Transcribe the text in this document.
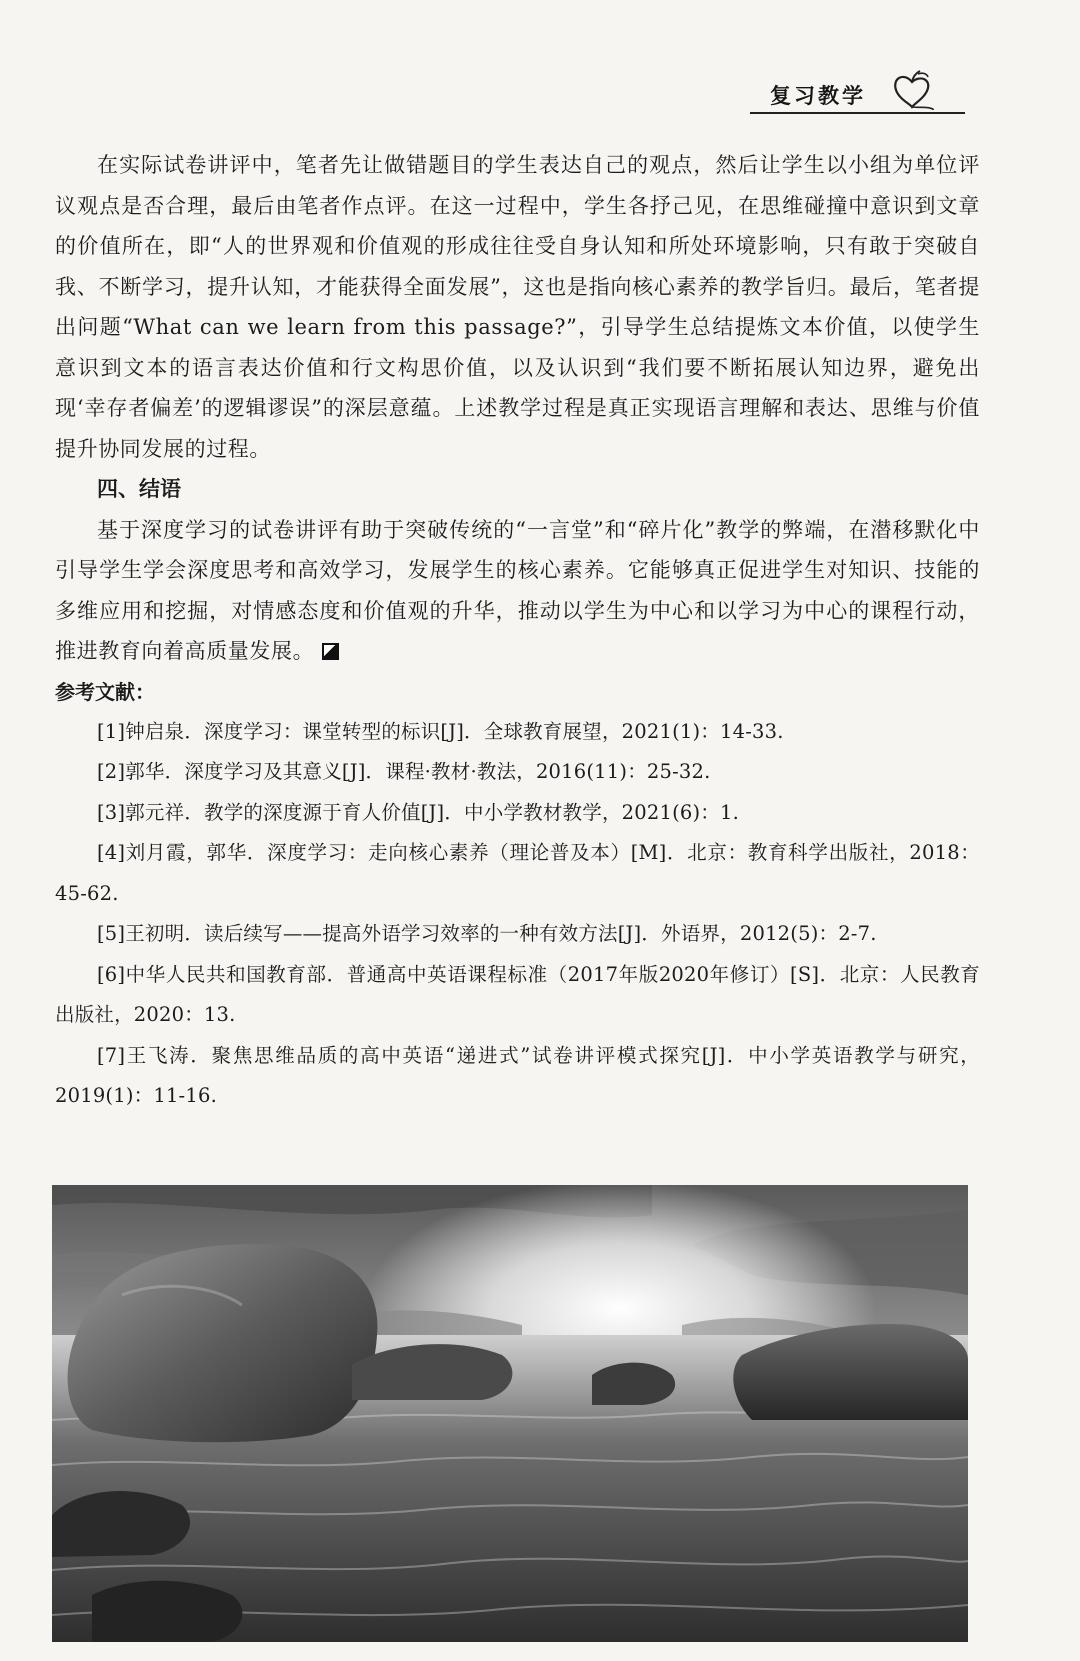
复习教学

在实际试卷讲评中，笔者先让做错题目的学生表达自己的观点，然后让学生以小组为单位评议观点是否合理，最后由笔者作点评。在这一过程中，学生各抒己见，在思维碰撞中意识到文章的价值所在，即“人的世界观和价值观的形成往往受自身认知和所处环境影响，只有敢于突破自我、不断学习，提升认知，才能获得全面发展”，这也是指向核心素养的教学旨归。最后，笔者提出问题“What can we learn from this passage?”，引导学生总结提炼文本价值，以使学生意识到文本的语言表达价值和行文构思价值，以及认识到“我们要不断拓展认知边界，避免出现‘幸存者偏差’的逻辑谬误”的深层意蕴。上述教学过程是真正实现语言理解和表达、思维与价值提升协同发展的过程。

四、结语

基于深度学习的试卷讲评有助于突破传统的“一言堂”和“碎片化”教学的弊端，在潜移默化中引导学生学会深度思考和高效学习，发展学生的核心素养。它能够真正促进学生对知识、技能的多维应用和挖掘，对情感态度和价值观的升华，推动以学生为中心和以学习为中心的课程行动，推进教育向着高质量发展。

参考文献：

[1]钟启泉．深度学习：课堂转型的标识[J]．全球教育展望，2021(1)：14-33.

[2]郭华．深度学习及其意义[J]．课程·教材·教法，2016(11)：25-32.

[3]郭元祥．教学的深度源于育人价值[J]．中小学教材教学，2021(6)：1.

[4]刘月霞，郭华．深度学习：走向核心素养（理论普及本）[M]．北京：教育科学出版社，2018：45-62.

[5]王初明．读后续写——提高外语学习效率的一种有效方法[J]．外语界，2012(5)：2-7.

[6]中华人民共和国教育部．普通高中英语课程标准（2017年版2020年修订）[S]．北京：人民教育出版社，2020：13.

[7]王飞涛．聚焦思维品质的高中英语“递进式”试卷讲评模式探究[J]．中小学英语教学与研究，2019(1)：11-16.
